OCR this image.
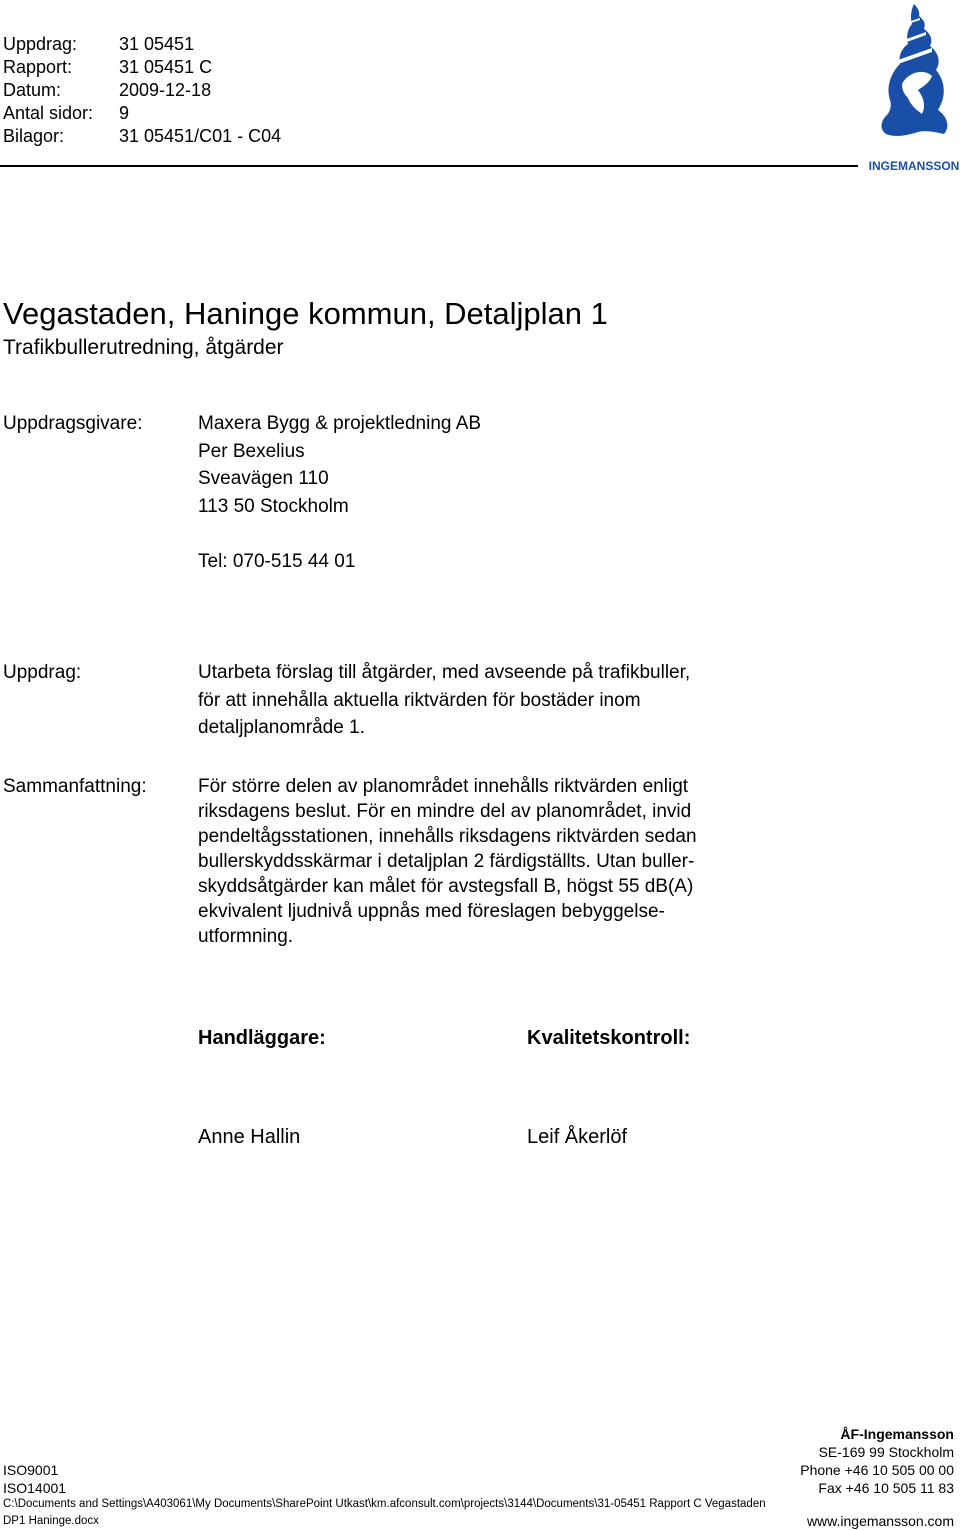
Uppdrag: 31 05451
Rapport:	31 05451 C
Datum:	2009-12-18
Antal sidor: 9
Bilagor:	31 05451/C01 - C04
INGEMANSSON
Vegastaden, Haninge kommun, Detaljplan 1
Trafikbullerutredning, åtgärder
Uppdragsgivare:	Maxera Bygg & projektledning AB
Per Bexelius
Sveavägen 110
113 50 Stockholm
Tel: 070-515 44 01
Uppdrag:	Utarbeta förslag till åtgärder, med avseende på trafikbuller,
för att innehålla aktuella riktvärden för bostäder inom
detaljplanområde 1.
Sammanfattning:	För större delen av planområdet innehålls riktvärden enligt
riksdagens beslut. För en mindre del av planområdet, invid
pendeltågsstationen, innehålls riksdagens riktvärden sedan
bullerskyddsskärmar i detaljplan 2 färdigställts. Utan buller-
skyddsåtgärder kan målet för avstegsfall B, högst 55 dB(A)
ekvivalent ljudnivå uppnås med föreslagen bebyggelse-
utformning.
Handläggare:	Kvalitetskontroll:
Anne Hallin	Leif Åkerlöf
ÅF-Ingemansson
SE-169 99 Stockholm
Phone +46 10 505 00 00
Fax +46 10 505 11 83
www.ingemansson.com
ISO9001
ISO14001
C:\Documents and Settings\A403061\My Documents\SharePoint Utkast\km.afconsult.com\projects\3144\Documents\31-05451 Rapport C Vegastaden
DP1 Haninge.docx
